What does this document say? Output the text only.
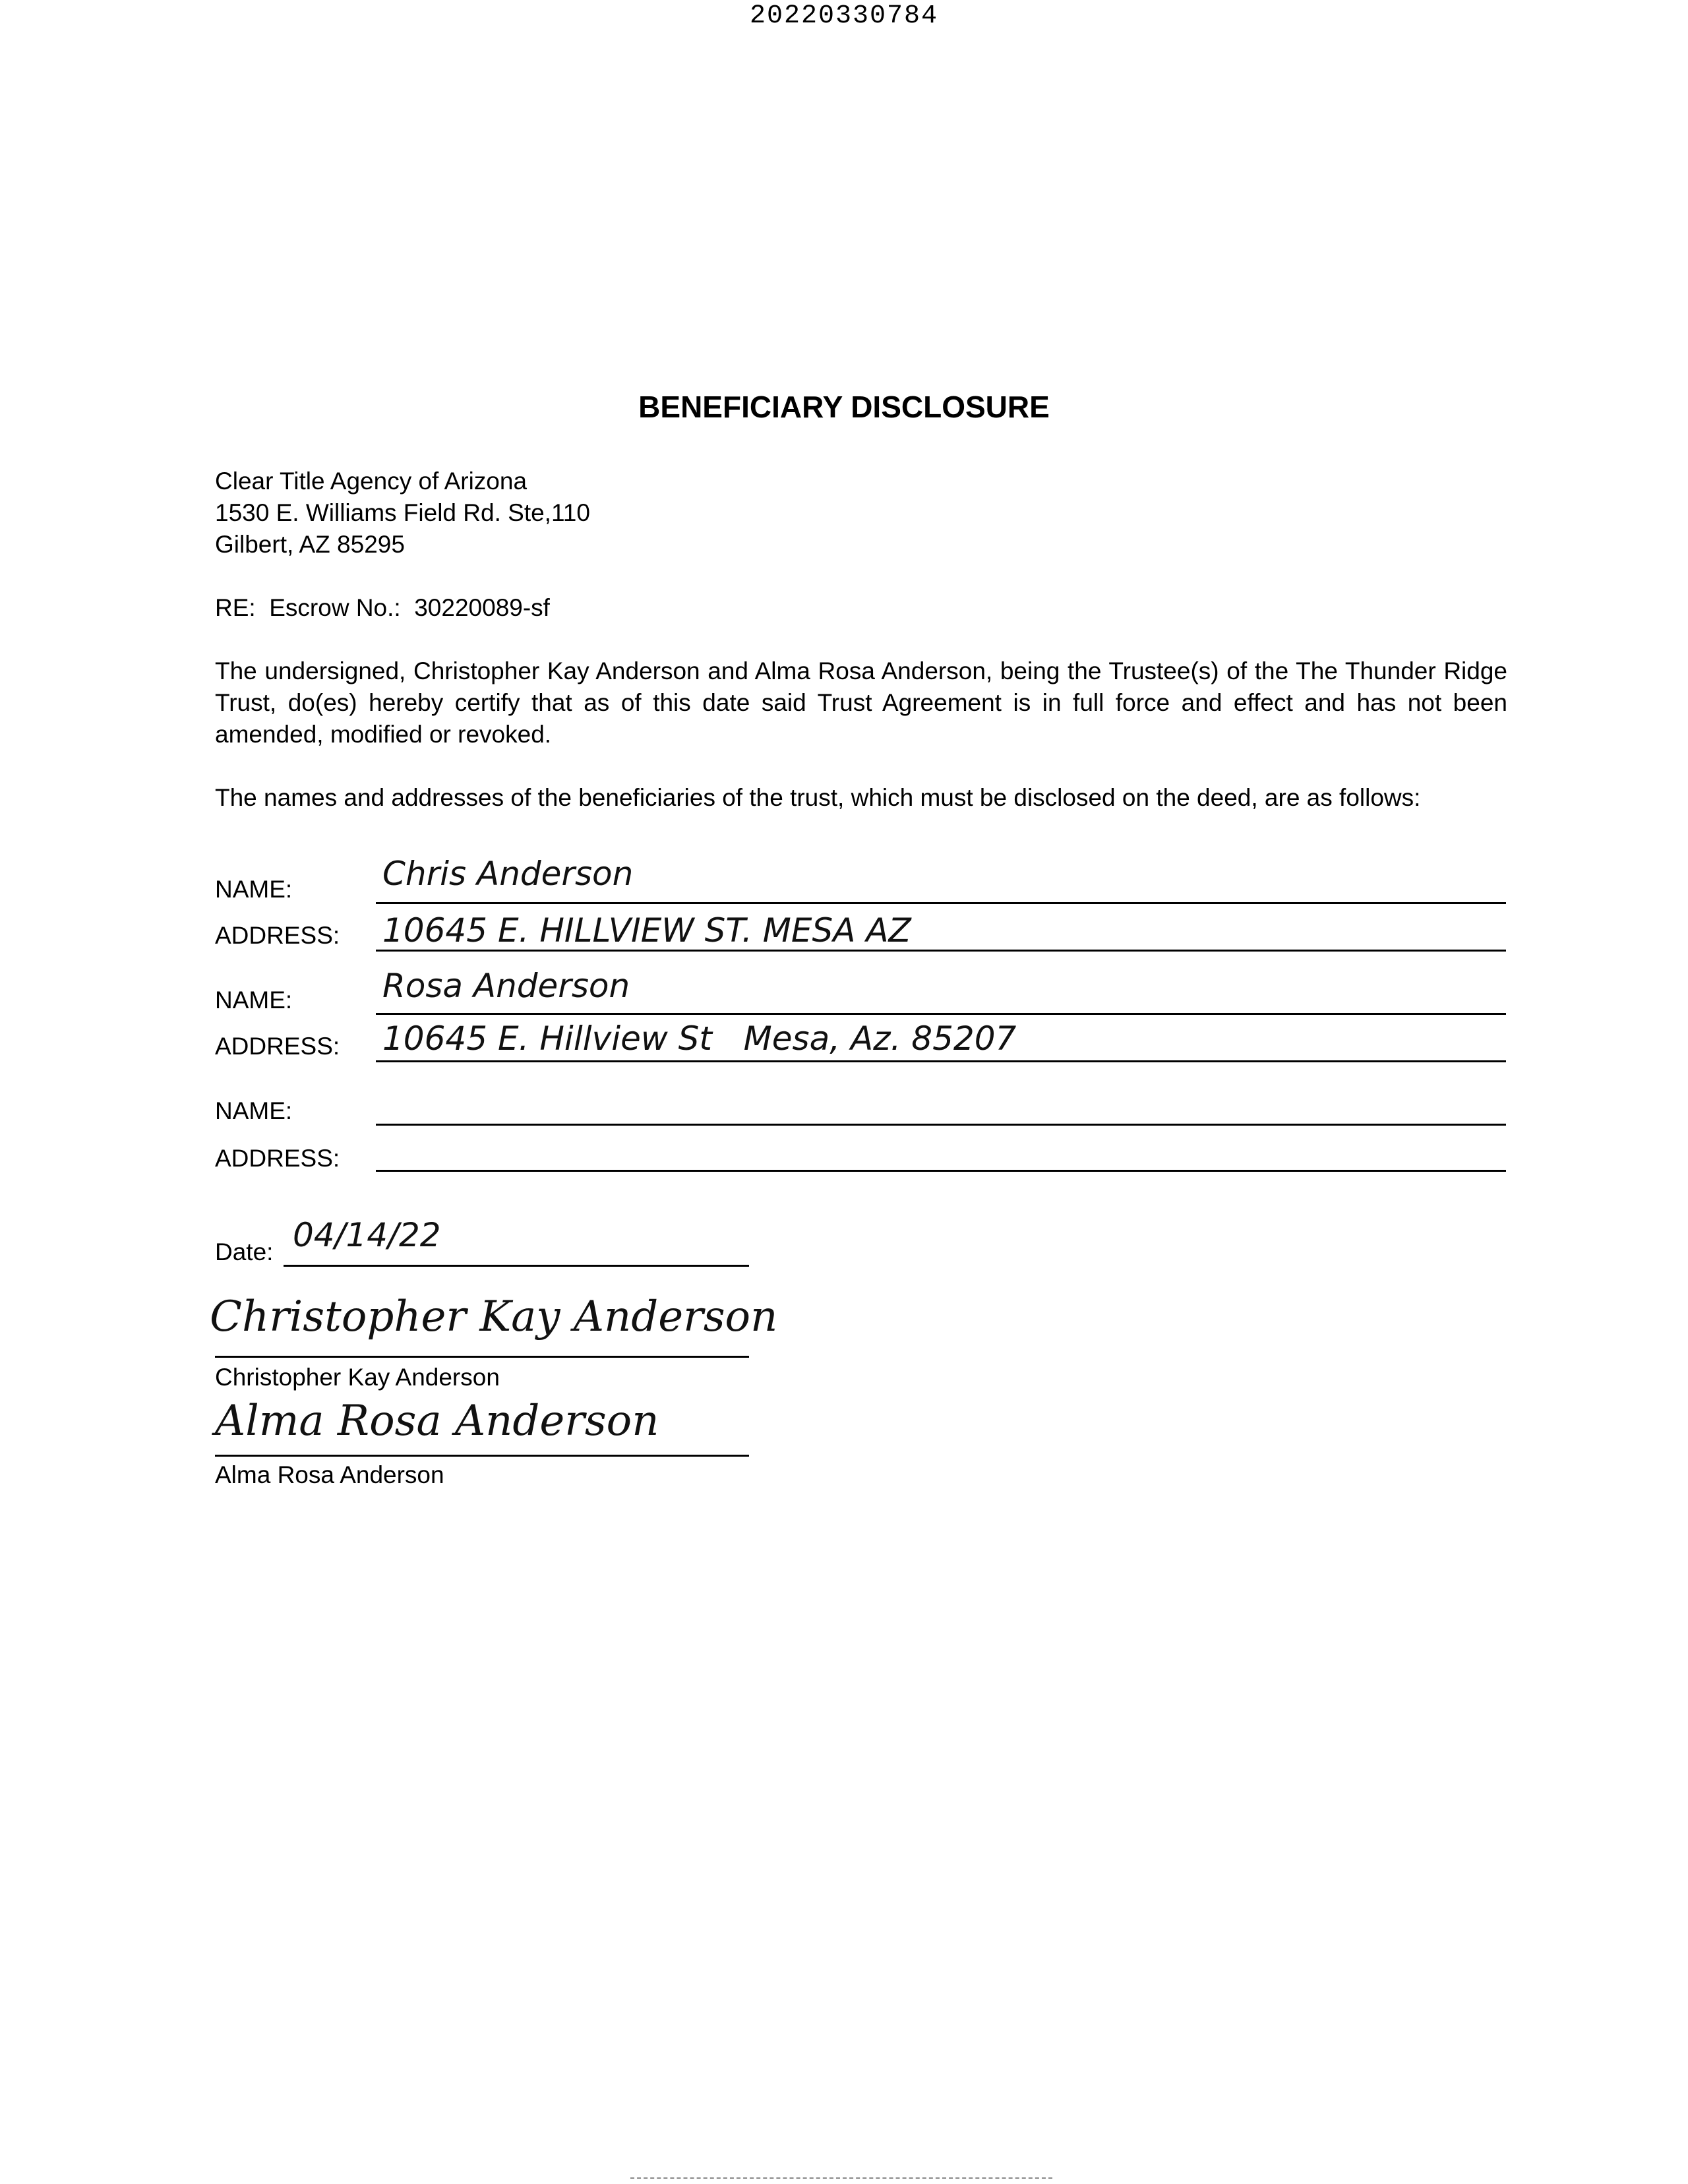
20220330784
BENEFICIARY DISCLOSURE
Clear Title Agency of Arizona
1530 E. Williams Field Rd. Ste,110
Gilbert, AZ 85295
RE:  Escrow No.:  30220089-sf
The undersigned, Christopher Kay Anderson and Alma Rosa Anderson, being the Trustee(s) of the The Thunder Ridge Trust, do(es) hereby certify that as of this date said Trust Agreement is in full force and effect and has not been amended, modified or revoked.
The names and addresses of the beneficiaries of the trust, which must be disclosed on the deed, are as follows:
NAME:	Chris Anderson
ADDRESS: 10645 E. HILLVIEW ST. MESA AZ
NAME:	Rosa Anderson
ADDRESS: 10645 E. Hillview St   Mesa, Az. 85207
NAME:
ADDRESS:
Date: 04/14/22
Christopher Kay Anderson
Christopher Kay Anderson
Alma Rosa Anderson
Alma Rosa Anderson
